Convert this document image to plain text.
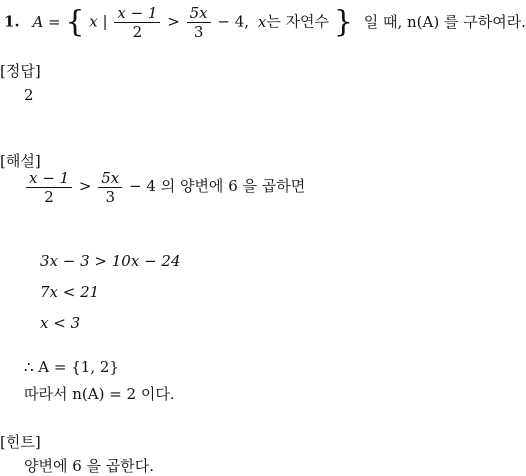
1. A = { x | $\frac{x - 1}{2} > \frac{5x}{3} - 4$, x는 자연수 } 일 때, n(A) 를 구하여라.
[정답]
2
[해설]
$\frac{x - 1}{2} > \frac{5x}{3} - 4$ 의 양변에 6 을 곱하면
3x − 3 > 10x − 24
7x < 21
x < 3
∴ A = {1, 2}
따라서 n(A) = 2 이다.
[힌트]
양변에 6 을 곱한다.
